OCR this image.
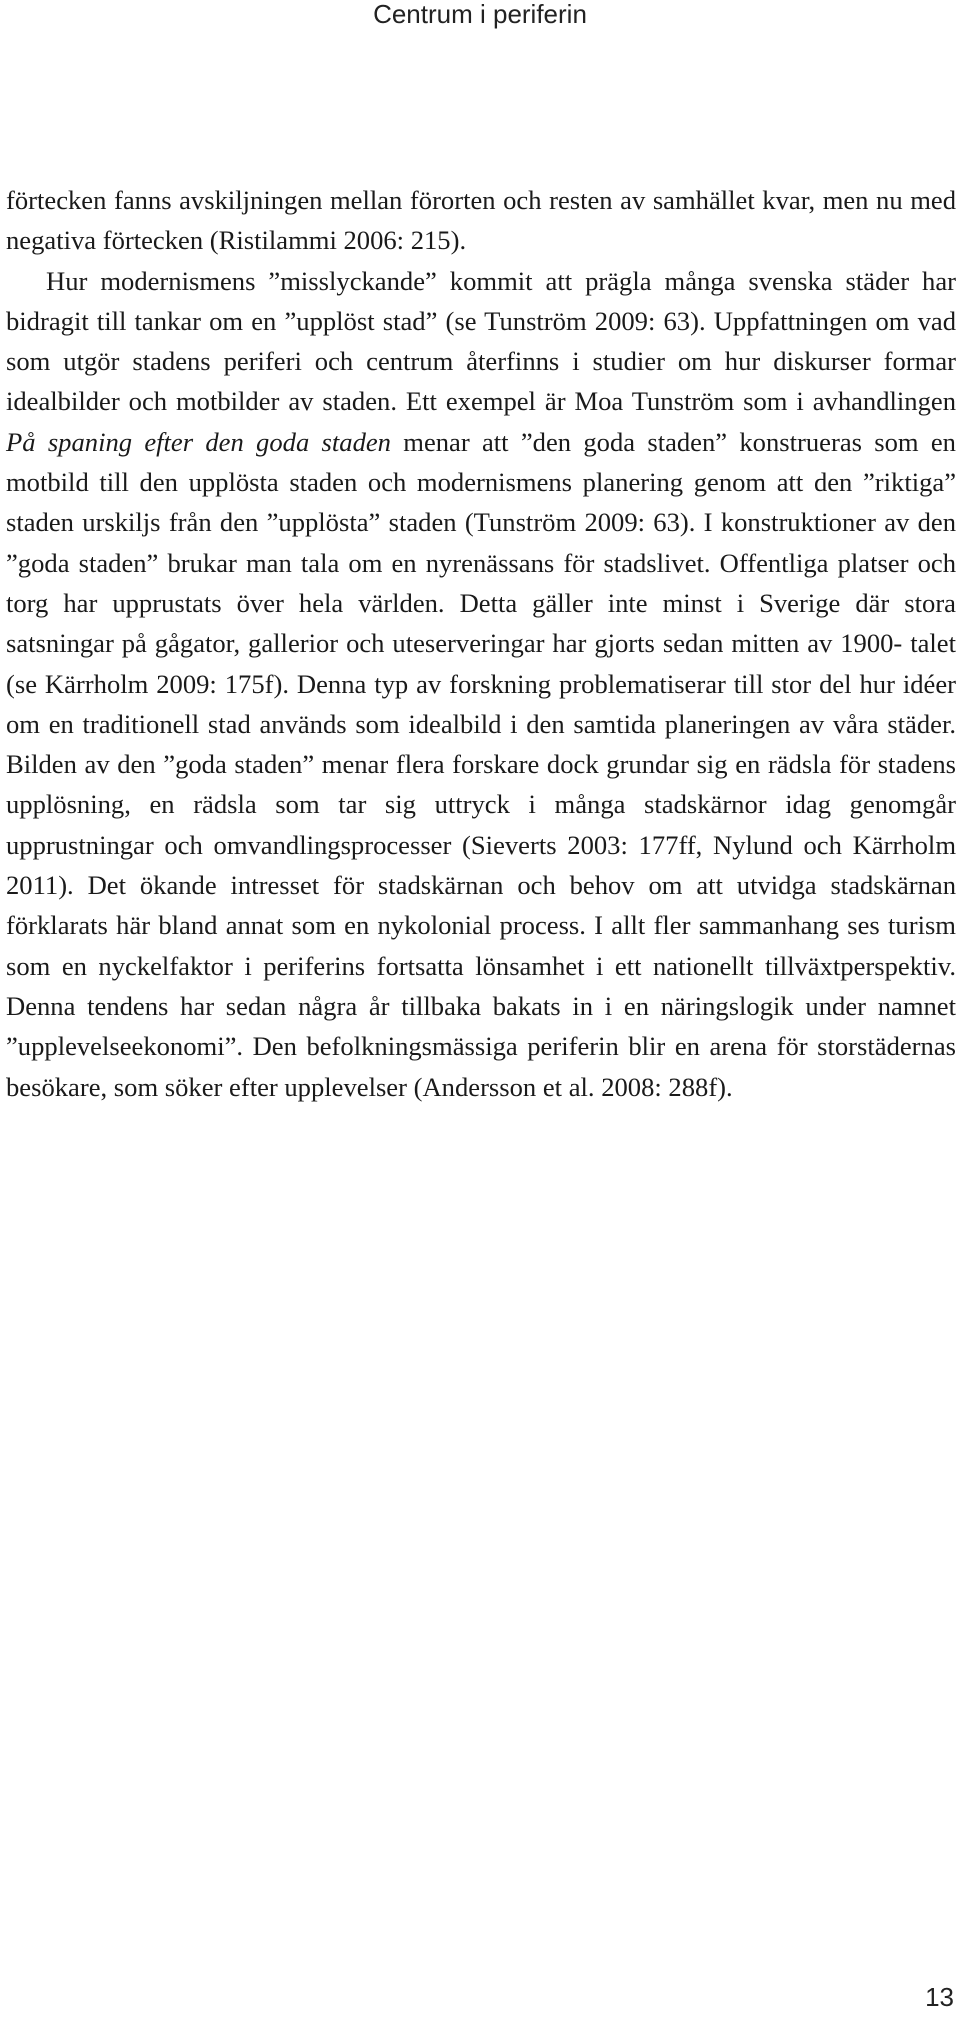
Centrum i periferin

förtecken fanns avskiljningen mellan förorten och resten av samhället kvar, men nu med negativa förtecken (Ristilammi 2006: 215).

Hur modernismens ”misslyckande” kommit att prägla många svenska städer har bidragit till tankar om en ”upplöst stad” (se Tunström 2009: 63). Uppfattningen om vad som utgör stadens periferi och centrum återfinns i studier om hur diskurser formar idealbilder och motbilder av staden. Ett exempel är Moa Tunström som i avhandlingen På spaning efter den goda staden menar att ”den goda staden” konstrueras som en motbild till den upplösta staden och modernismens planering genom att den ”riktiga” staden urskiljs från den ”upplösta” staden (Tunström 2009: 63). I konstruktioner av den ”goda staden” brukar man tala om en nyrenässans för stadslivet. Offentliga platser och torg har upprustats över hela världen. Detta gäller inte minst i Sverige där stora satsningar på gågator, gallerior och uteserveringar har gjorts sedan mitten av 1900- talet (se Kärrholm 2009: 175f). Denna typ av forskning problematiserar till stor del hur idéer om en traditionell stad används som idealbild i den samtida planeringen av våra städer. Bilden av den ”goda staden” menar flera forskare dock grundar sig en rädsla för stadens upplösning, en rädsla som tar sig uttryck i många stadskärnor idag genomgår upprustningar och omvandlingsprocesser (Sieverts 2003: 177ff, Nylund och Kärrholm 2011). Det ökande intresset för stadskärnan och behov om att utvidga stadskärnan förklarats här bland annat som en nykolonial process. I allt fler sammanhang ses turism som en nyckelfaktor i periferins fortsatta lönsamhet i ett nationellt tillväxtperspektiv. Denna tendens har sedan några år tillbaka bakats in i en näringslogik under namnet ”upplevelseekonomi”. Den befolkningsmässiga periferin blir en arena för storstädernas besökare, som söker efter upplevelser (Andersson et al. 2008: 288f).

13
